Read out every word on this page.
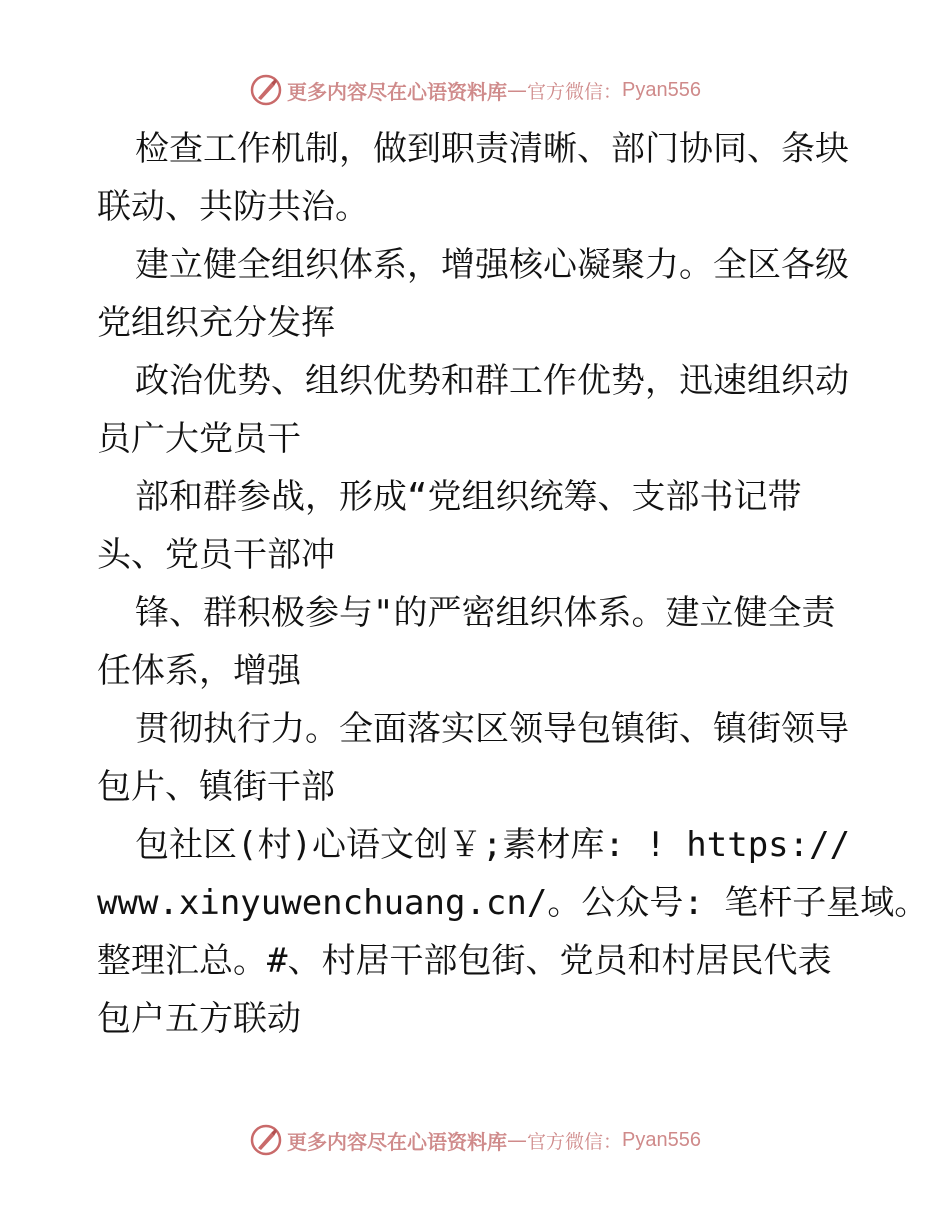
更多内容尽在心语资料库 — 官方微信： Pyan556
检查工作机制，做到职责清晰、部门协同、条块
联动、共防共治。
建立健全组织体系，增强核心凝聚力。全区各级
党组织充分发挥
政治优势、组织优势和群工作优势，迅速组织动
员广大党员干
部和群参战，形成“党组织统筹、支部书记带
头、党员干部冲
锋、群积极参与"的严密组织体系。建立健全责
任体系，增强
贯彻执行力。全面落实区领导包镇街、镇街领导
包片、镇街干部
包社区(村)心语文创￥;素材库: ! https://
www.xinyuwenchuang.cn/。公众号: 笔杆子星域。
整理汇总。#、村居干部包街、党员和村居民代表
包户五方联动
更多内容尽在心语资料库 — 官方微信： Pyan556
